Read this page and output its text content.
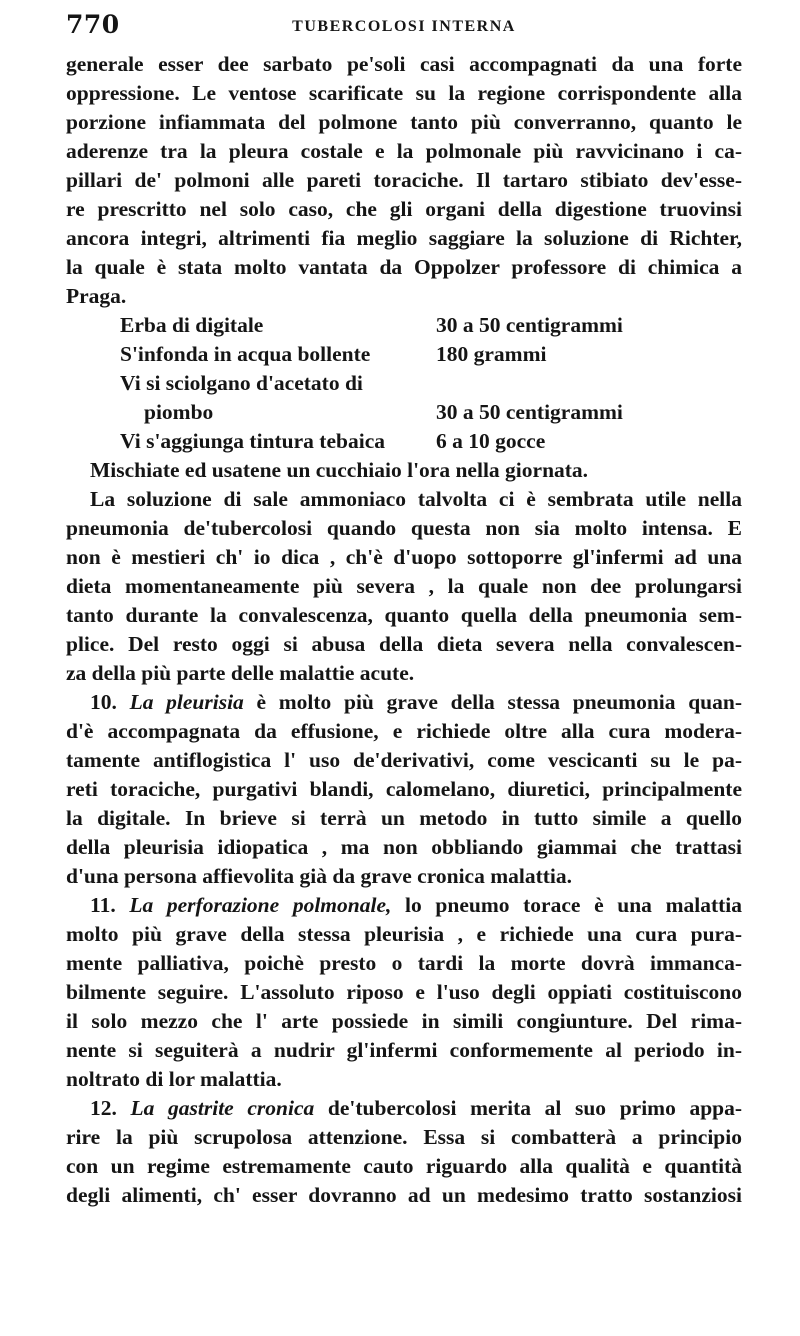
770	TUBERCOLOSI INTERNA

generale esser dee sarbato pe'soli casi accompagnati da una forte
oppressione. Le ventose scarificate su la regione corrispondente alla
porzione infiammata del polmone tanto più converranno, quanto le
aderenze tra la pleura costale e la polmonale più ravvicinano i ca-
pillari de' polmoni alle pareti toraciche. Il tartaro stibiato dev'esse-
re prescritto nel solo caso, che gli organi della digestione truovinsi
ancora integri, altrimenti fia meglio saggiare la soluzione di Richter,
la quale è stata molto vantata da Oppolzer professore di chimica a
Praga.

Erba di digitale	30 a 50 centigrammi
S'infonda in acqua bollente	180 grammi
Vi si sciolgano d'acetato di
piombo	30 a 50 centigrammi
Vi s'aggiunga tintura tebaica	6 a 10 gocce

Mischiate ed usatene un cucchiaio l'ora nella giornata.

La soluzione di sale ammoniaco talvolta ci è sembrata utile nella
pneumonia de'tubercolosi quando questa non sia molto intensa. E
non è mestieri ch' io dica , ch'è d'uopo sottoporre gl'infermi ad una
dieta momentaneamente più severa , la quale non dee prolungarsi
tanto durante la convalescenza, quanto quella della pneumonia sem-
plice. Del resto oggi si abusa della dieta severa nella convalescen-
za della più parte delle malattie acute.

10. La pleurisia è molto più grave della stessa pneumonia quan-
d'è accompagnata da effusione, e richiede oltre alla cura modera-
tamente antiflogistica l' uso de'derivativi, come vescicanti su le pa-
reti toraciche, purgativi blandi, calomelano, diuretici, principalmente
la digitale. In brieve si terrà un metodo in tutto simile a quello
della pleurisia idiopatica , ma non obbliando giammai che trattasi
d'una persona affievolita già da grave cronica malattia.

11. La perforazione polmonale, lo pneumo torace è una malattia
molto più grave della stessa pleurisia , e richiede una cura pura-
mente palliativa, poichè presto o tardi la morte dovrà immanca-
bilmente seguire. L'assoluto riposo e l'uso degli oppiati costituiscono
il solo mezzo che l' arte possiede in simili congiunture. Del rima-
nente si seguiterà a nudrir gl'infermi conformemente al periodo in-
noltrato di lor malattia.

12. La gastrite cronica de'tubercolosi merita al suo primo appa-
rire la più scrupolosa attenzione. Essa si combatterà a principio
con un regime estremamente cauto riguardo alla qualità e quantità
degli alimenti, ch' esser dovranno ad un medesimo tratto sostanziosi
